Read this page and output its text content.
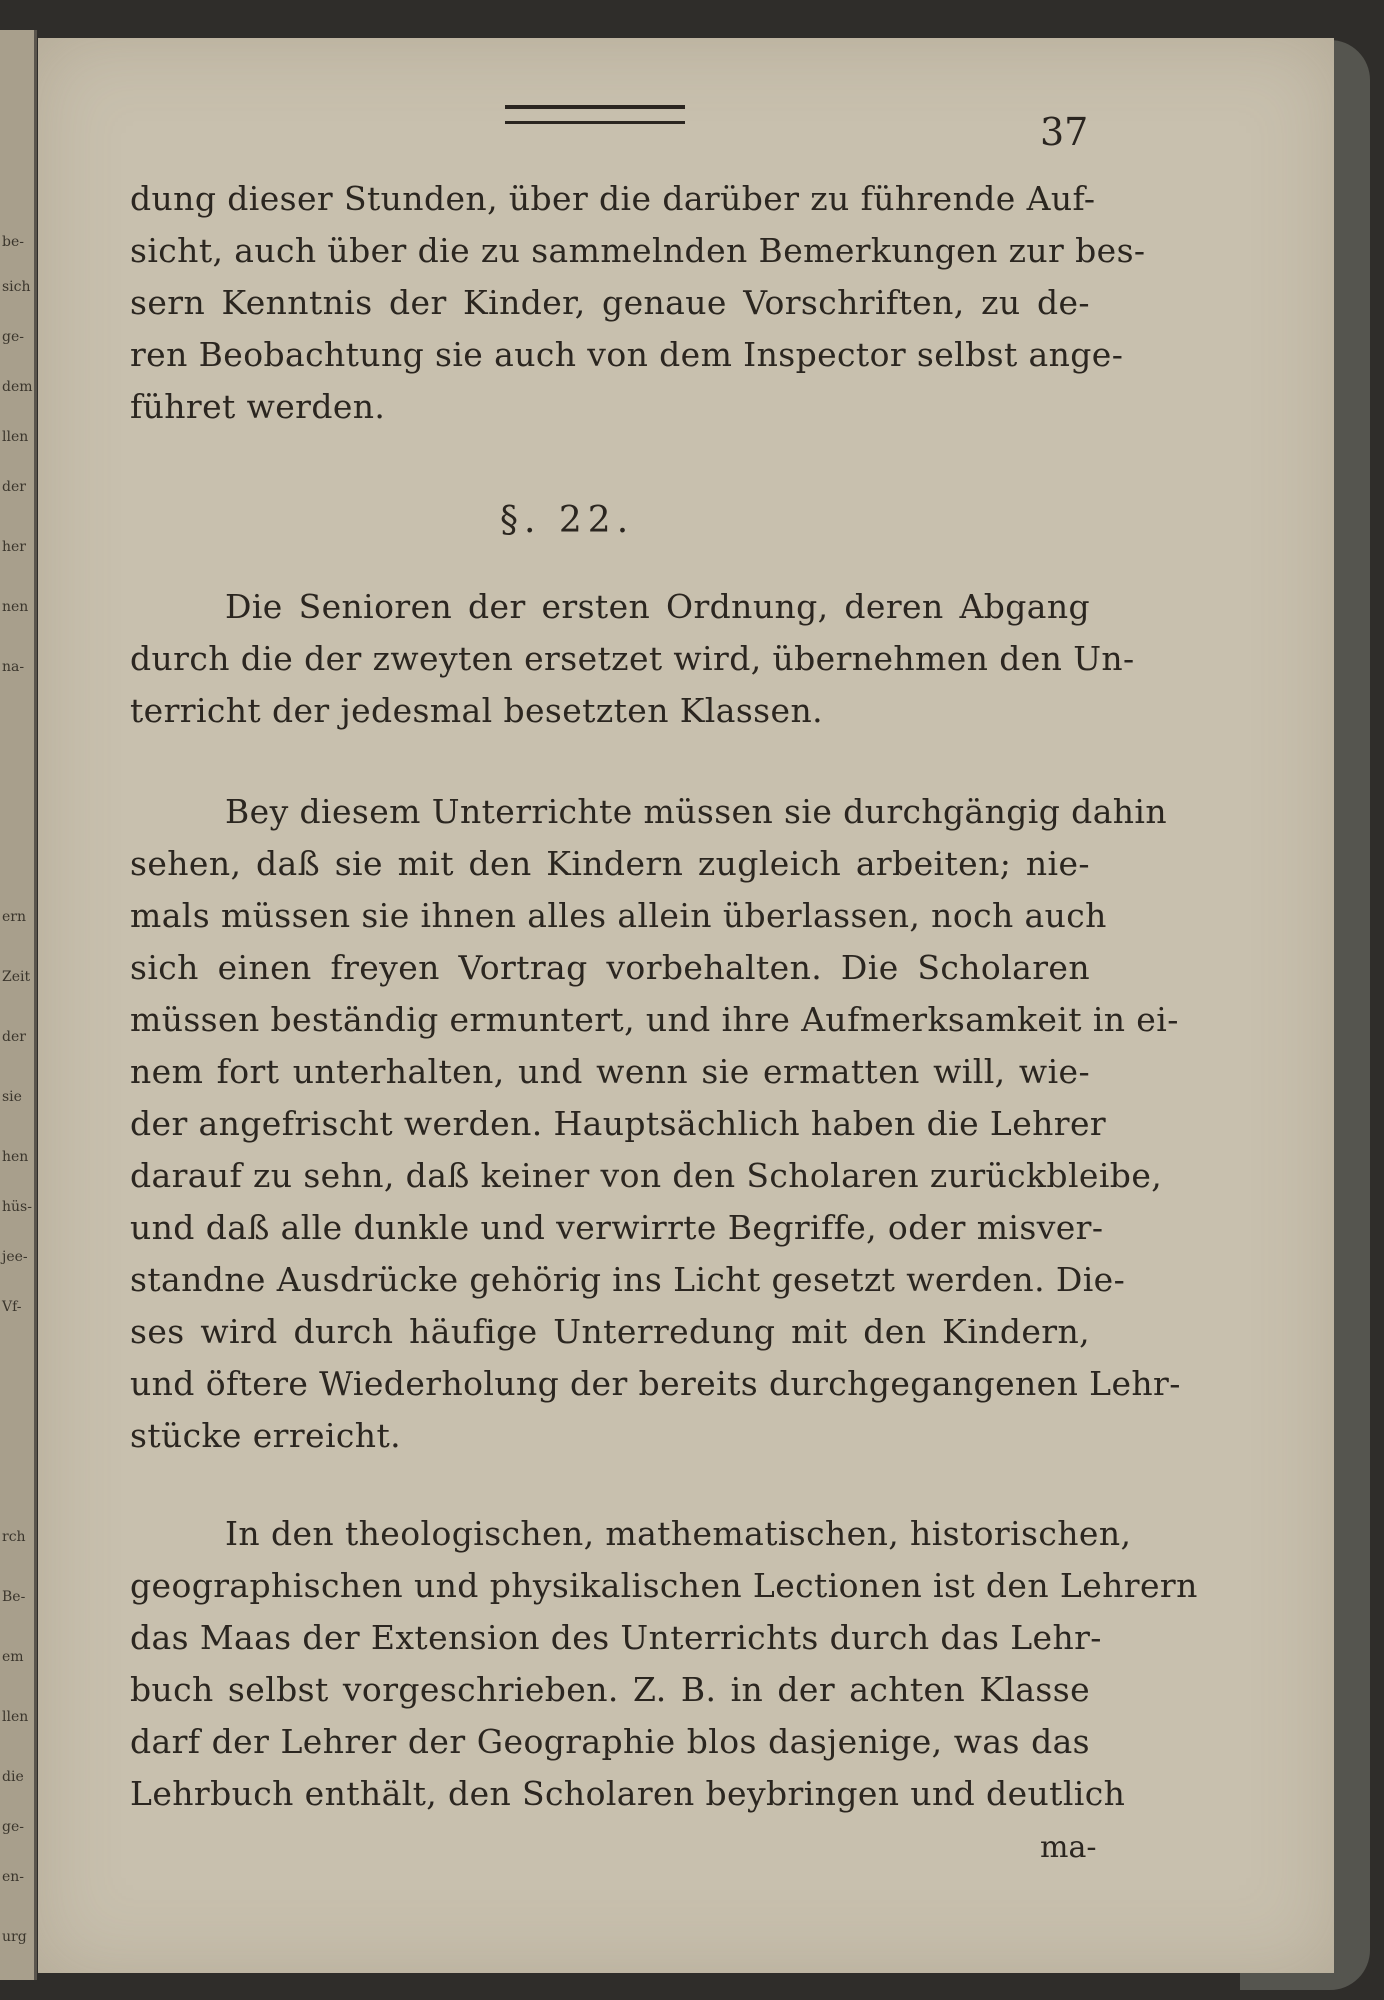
be-
sich
ge-
dem
llen
der
her
nen
na-
ern
Zeit
der
sie
hen
hüs-
jee-
Vf-
rch
Be-
em
llen
die
ge-
en-
urg
37
dung dieser Stunden, über die darüber zu führende Auf-
sicht, auch über die zu sammelnden Bemerkungen zur bes-
sern Kenntnis der Kinder, genaue Vorschriften, zu de-
ren Beobachtung sie auch von dem Inspector selbst ange-
führet werden.
§. 22.
Die Senioren der ersten Ordnung, deren Abgang
durch die der zweyten ersetzet wird, übernehmen den Un-
terricht der jedesmal besetzten Klassen.
Bey diesem Unterrichte müssen sie durchgängig dahin
sehen, daß sie mit den Kindern zugleich arbeiten; nie-
mals müssen sie ihnen alles allein überlassen, noch auch
sich einen freyen Vortrag vorbehalten. Die Scholaren
müssen beständig ermuntert, und ihre Aufmerksamkeit in ei-
nem fort unterhalten, und wenn sie ermatten will, wie-
der angefrischt werden. Hauptsächlich haben die Lehrer
darauf zu sehn, daß keiner von den Scholaren zurückbleibe,
und daß alle dunkle und verwirrte Begriffe, oder misver-
standne Ausdrücke gehörig ins Licht gesetzt werden. Die-
ses wird durch häufige Unterredung mit den Kindern,
und öftere Wiederholung der bereits durchgegangenen Lehr-
stücke erreicht.
In den theologischen, mathematischen, historischen,
geographischen und physikalischen Lectionen ist den Lehrern
das Maas der Extension des Unterrichts durch das Lehr-
buch selbst vorgeschrieben. Z. B. in der achten Klasse
darf der Lehrer der Geographie blos dasjenige, was das
Lehrbuch enthält, den Scholaren beybringen und deutlich
ma-
